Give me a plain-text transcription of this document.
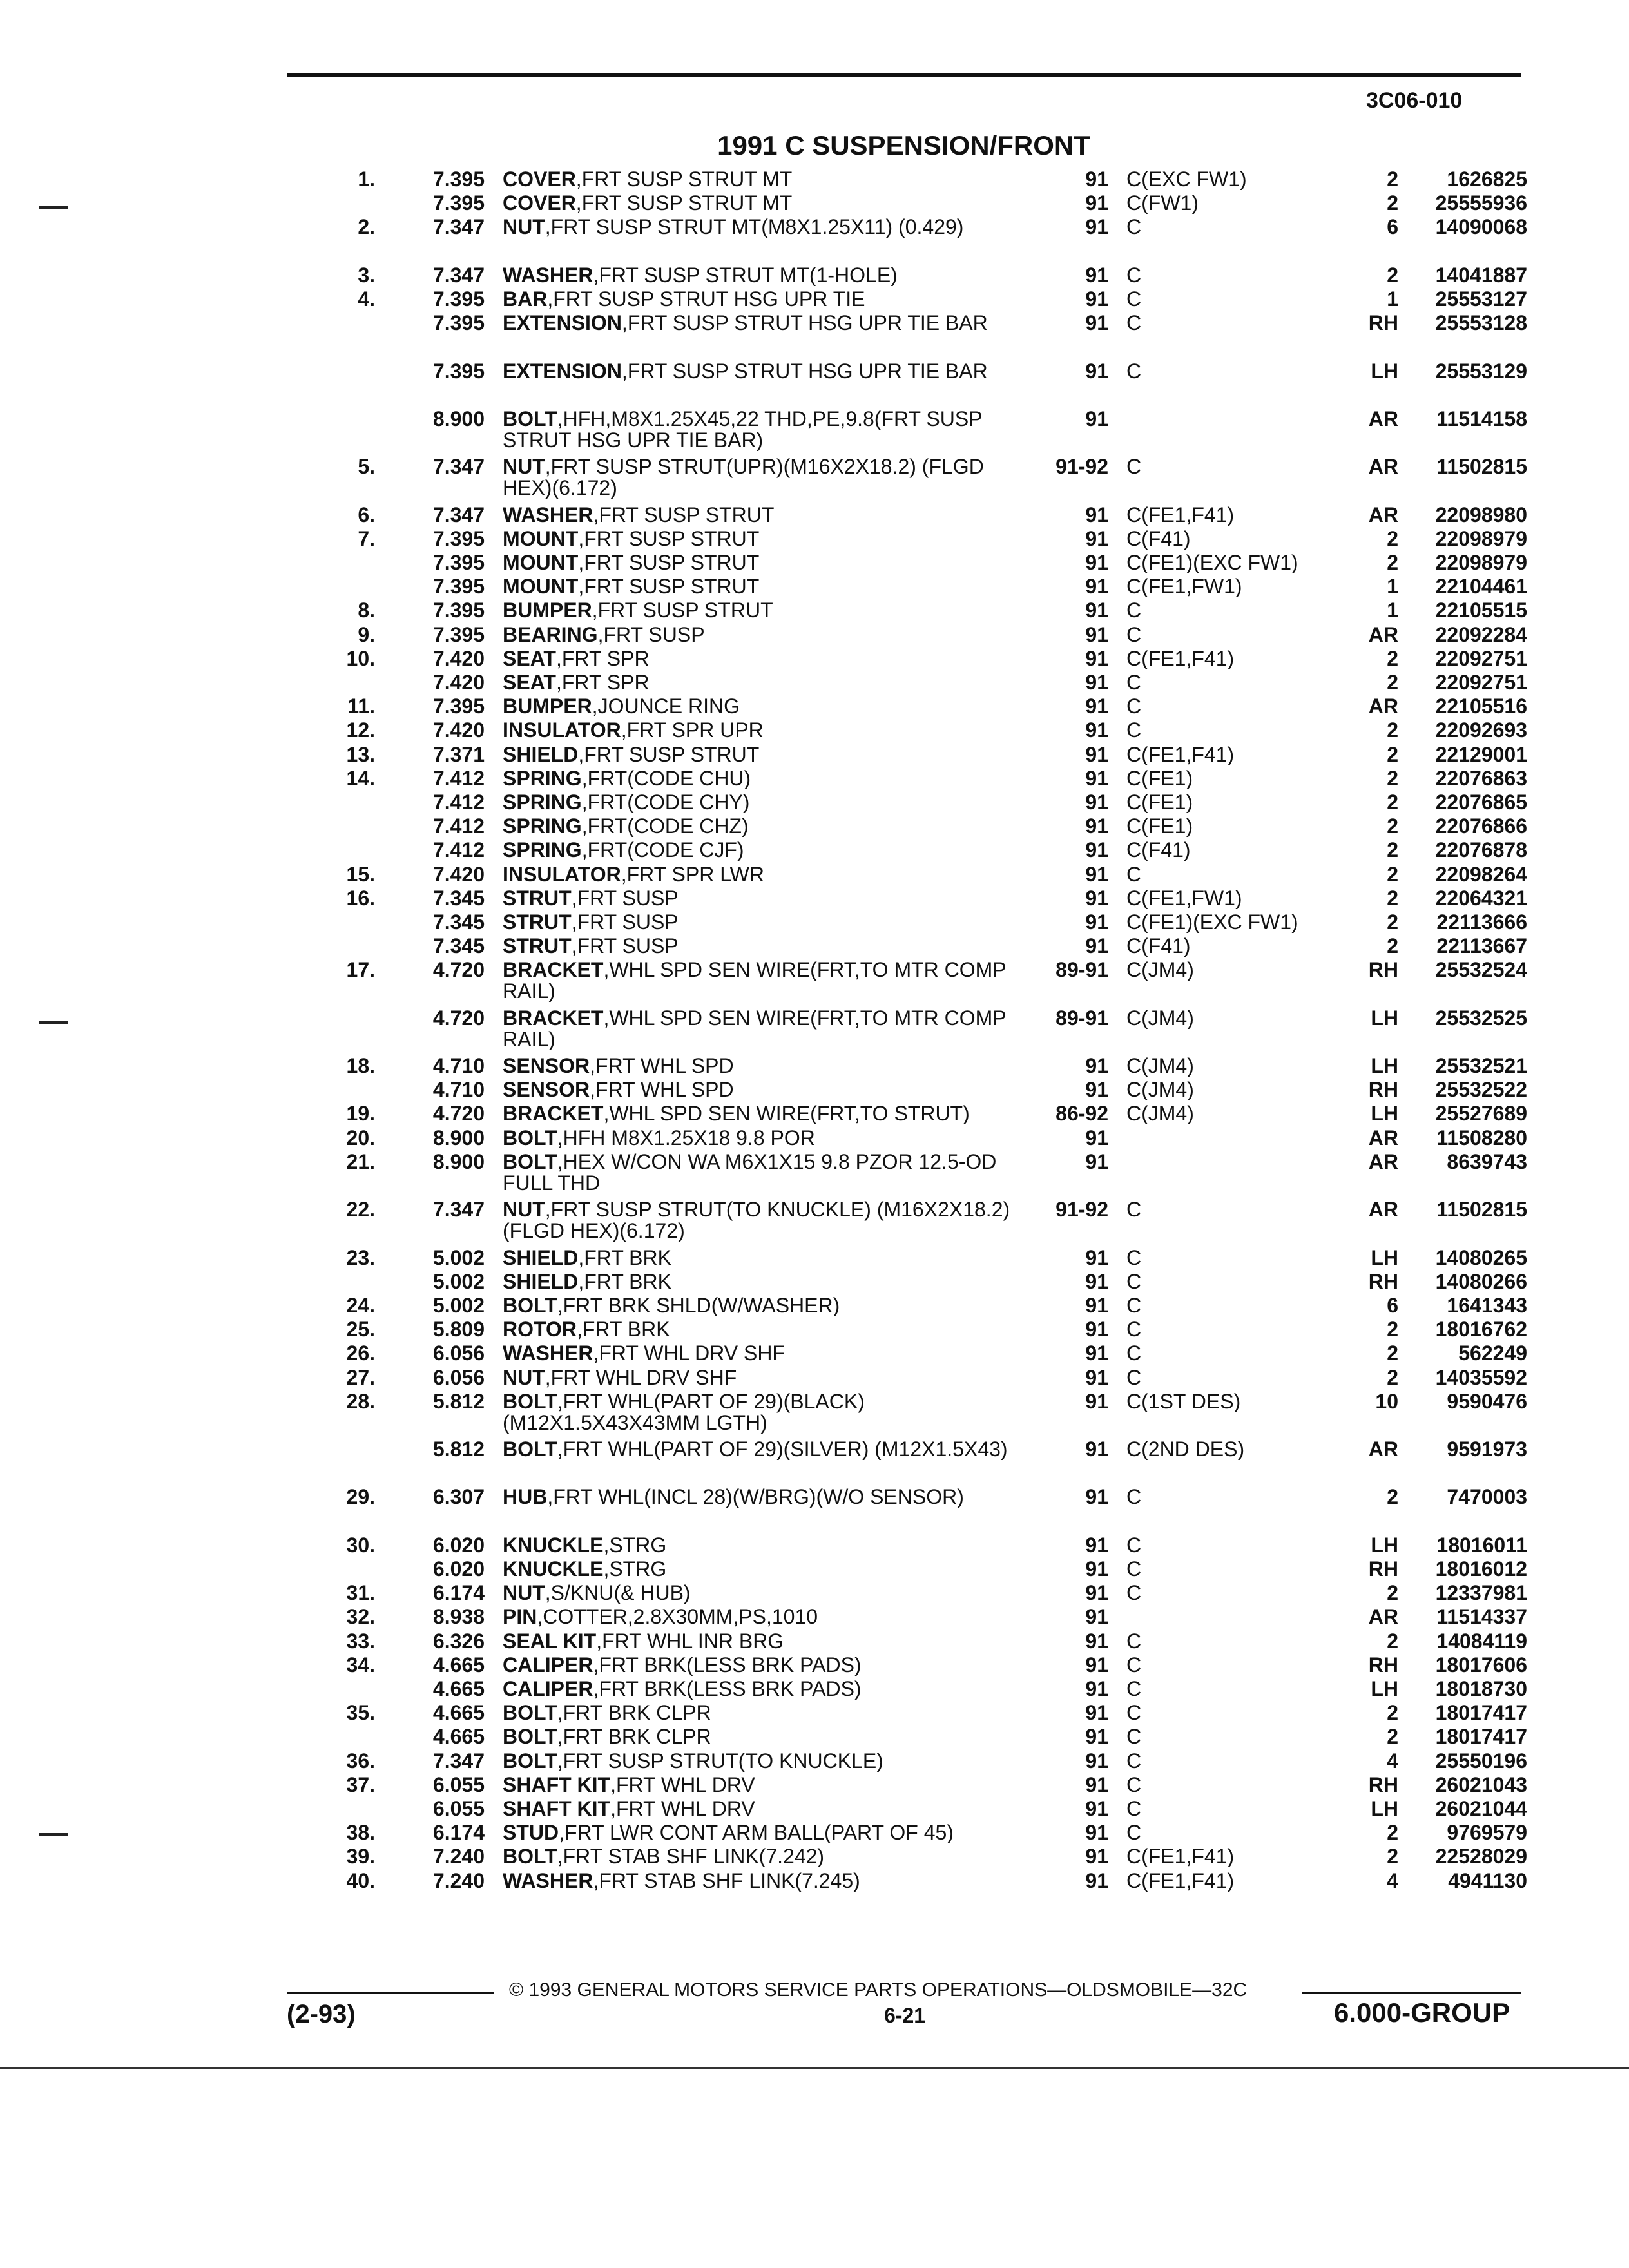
3C06-010
1991 C SUSPENSION/FRONT
1.	7.395 COVER,FRT SUSP STRUT MT	91 C(EXC FW1)	2	1626825
7.395 COVER,FRT SUSP STRUT MT	91 C(FW1)	2	25555936
2.	7.347 NUT,FRT SUSP STRUT MT(M8X1.25X11) (0.429)	91 C	6	14090068
3.	7.347 WASHER,FRT SUSP STRUT MT(1-HOLE)	91 C	2	14041887
4.	7.395 BAR,FRT SUSP STRUT HSG UPR TIE	91 C	1	25553127
7.395 EXTENSION,FRT SUSP STRUT HSG UPR TIE BAR	91 C	RH	25553128
7.395 EXTENSION,FRT SUSP STRUT HSG UPR TIE BAR	91 C	LH	25553129
8.900 BOLT,HFH,M8X1.25X45,22 THD,PE,9.8(FRT SUSP STRUT HSG UPR TIE BAR)
91	AR	11514158
5.	7.347 NUT,FRT SUSP STRUT(UPR)(M16X2X18.2) (FLGD HEX)(6.172)
91-92 C	AR	11502815
6.	7.347 WASHER,FRT SUSP STRUT	91 C(FE1,F41)	AR	22098980
7.	7.395 MOUNT,FRT SUSP STRUT	91 C(F41)	2	22098979
7.395 MOUNT,FRT SUSP STRUT	91 C(FE1)(EXC FW1)	2	22098979
7.395 MOUNT,FRT SUSP STRUT	91 C(FE1,FW1)	1	22104461
8.	7.395 BUMPER,FRT SUSP STRUT	91 C	1	22105515
9.	7.395 BEARING,FRT SUSP	91 C	AR	22092284
10.	7.420 SEAT,FRT SPR	91 C(FE1,F41)	2	22092751
7.420 SEAT,FRT SPR	91 C	2	22092751
11.	7.395 BUMPER,JOUNCE RING	91 C	AR	22105516
12.	7.420 INSULATOR,FRT SPR UPR	91 C	2	22092693
13.	7.371 SHIELD,FRT SUSP STRUT	91 C(FE1,F41)	2	22129001
14.	7.412 SPRING,FRT(CODE CHU)	91 C(FE1)	2	22076863
7.412 SPRING,FRT(CODE CHY)	91 C(FE1)	2	22076865
7.412 SPRING,FRT(CODE CHZ)	91 C(FE1)	2	22076866
7.412 SPRING,FRT(CODE CJF)	91 C(F41)	2	22076878
15.	7.420 INSULATOR,FRT SPR LWR	91 C	2	22098264
16.	7.345 STRUT,FRT SUSP	91 C(FE1,FW1)	2	22064321
7.345 STRUT,FRT SUSP	91 C(FE1)(EXC FW1)	2	22113666
7.345 STRUT,FRT SUSP	91 C(F41)	2	22113667
17.	4.720 BRACKET,WHL SPD SEN WIRE(FRT,TO MTR COMP RAIL)
89-91 C(JM4)	RH	25532524
4.720 BRACKET,WHL SPD SEN WIRE(FRT,TO MTR COMP RAIL)
89-91 C(JM4)	LH	25532525
18.	4.710 SENSOR,FRT WHL SPD	91 C(JM4)	LH	25532521
4.710 SENSOR,FRT WHL SPD	91 C(JM4)	RH	25532522
19.	4.720 BRACKET,WHL SPD SEN WIRE(FRT,TO STRUT)	86-92 C(JM4)	LH	25527689
20.	8.900 BOLT,HFH M8X1.25X18 9.8 POR	91	AR	11508280
21.	8.900 BOLT,HEX W/CON WA M6X1X15 9.8 PZOR 12.5-OD FULL THD
91	AR	8639743
22.	7.347 NUT,FRT SUSP STRUT(TO KNUCKLE) (M16X2X18.2)(FLGD HEX)(6.172)
91-92 C	AR	11502815
23.	5.002 SHIELD,FRT BRK	91 C	LH	14080265
5.002 SHIELD,FRT BRK	91 C	RH	14080266
24.	5.002 BOLT,FRT BRK SHLD(W/WASHER)	91 C	6	1641343
25.	5.809 ROTOR,FRT BRK	91 C	2	18016762
26.	6.056 WASHER,FRT WHL DRV SHF	91 C	2	562249
27.	6.056 NUT,FRT WHL DRV SHF	91 C	2	14035592
28.	5.812 BOLT,FRT WHL(PART OF 29)(BLACK) (M12X1.5X43X43MM LGTH)
91 C(1ST DES)	10	9590476
5.812 BOLT,FRT WHL(PART OF 29)(SILVER) (M12X1.5X43)	91 C(2ND DES)	AR	9591973
29.	6.307 HUB,FRT WHL(INCL 28)(W/BRG)(W/O SENSOR)	91 C	2	7470003
30.	6.020 KNUCKLE,STRG	91 C	LH	18016011
6.020 KNUCKLE,STRG	91 C	RH	18016012
31.	6.174 NUT,S/KNU(& HUB)	91 C	2	12337981
32.	8.938 PIN,COTTER,2.8X30MM,PS,1010	91	AR	11514337
33.	6.326 SEAL KIT,FRT WHL INR BRG	91 C	2	14084119
34.	4.665 CALIPER,FRT BRK(LESS BRK PADS)	91 C	RH	18017606
4.665 CALIPER,FRT BRK(LESS BRK PADS)	91 C	LH	18018730
35.	4.665 BOLT,FRT BRK CLPR	91 C	2	18017417
4.665 BOLT,FRT BRK CLPR	91 C	2	18017417
36.	7.347 BOLT,FRT SUSP STRUT(TO KNUCKLE)	91 C	4	25550196
37.	6.055 SHAFT KIT,FRT WHL DRV	91 C	RH	26021043
6.055 SHAFT KIT,FRT WHL DRV	91 C	LH	26021044
38.	6.174 STUD,FRT LWR CONT ARM BALL(PART OF 45)	91 C	2	9769579
39.	7.240 BOLT,FRT STAB SHF LINK(7.242)	91 C(FE1,F41)	2	22528029
40.	7.240 WASHER,FRT STAB SHF LINK(7.245)	91 C(FE1,F41)	4	4941130
© 1993 GENERAL MOTORS SERVICE PARTS OPERATIONS—OLDSMOBILE—32C
(2-93)	6-21	6.000-GROUP
